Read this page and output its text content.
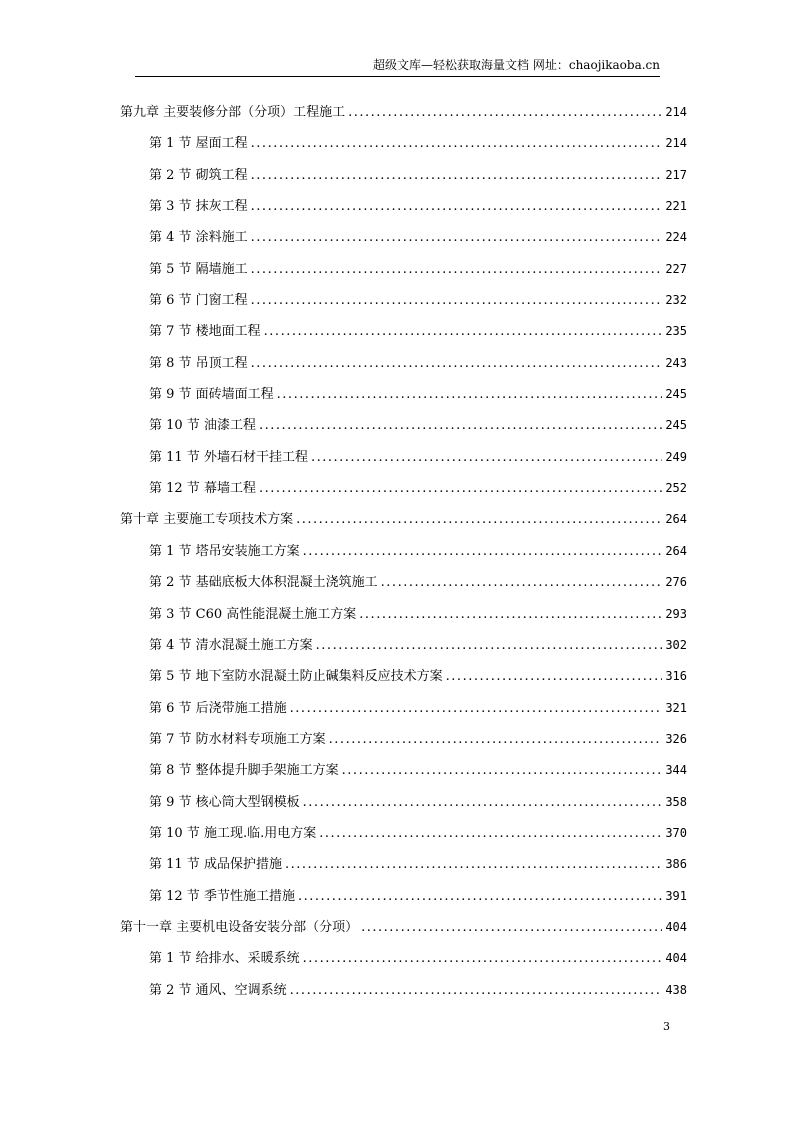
超级文库—轻松获取海量文档 网址：chaojikaoba.cn
第九章 主要装修分部（分项）工程施工 .....	214
第 1 节 屋面工程 .....	214
第 2 节 砌筑工程 .....	217
第 3 节 抹灰工程 .....	221
第 4 节 涂料施工 .....	224
第 5 节 隔墙施工 .....	227
第 6 节 门窗工程 .....	232
第 7 节 楼地面工程 .....	235
第 8 节 吊顶工程 .....	243
第 9 节 面砖墙面工程 .....	245
第 10 节 油漆工程 .....	245
第 11 节 外墙石材干挂工程 .....	249
第 12 节 幕墙工程 .....	252
第十章 主要施工专项技术方案 .....	264
第 1 节 塔吊安装施工方案 .....	264
第 2 节 基础底板大体积混凝土浇筑施工 .....	276
第 3 节 C60 高性能混凝土施工方案 .....	293
第 4 节 清水混凝土施工方案 .....	302
第 5 节 地下室防水混凝土防止碱集料反应技术方案 .....	316
第 6 节 后浇带施工措施 .....	321
第 7 节 防水材料专项施工方案 .....	326
第 8 节 整体提升脚手架施工方案 .....	344
第 9 节 核心筒大型钢模板 .....	358
第 10 节 施工现.临.用电方案 .....	370
第 11 节 成品保护措施 .....	386
第 12 节 季节性施工措施 .....	391
第十一章 主要机电设备安装分部（分项） .....	404
第 1 节 给排水、采暖系统 .....	404
第 2 节 通风、空调系统 .....	438
3
